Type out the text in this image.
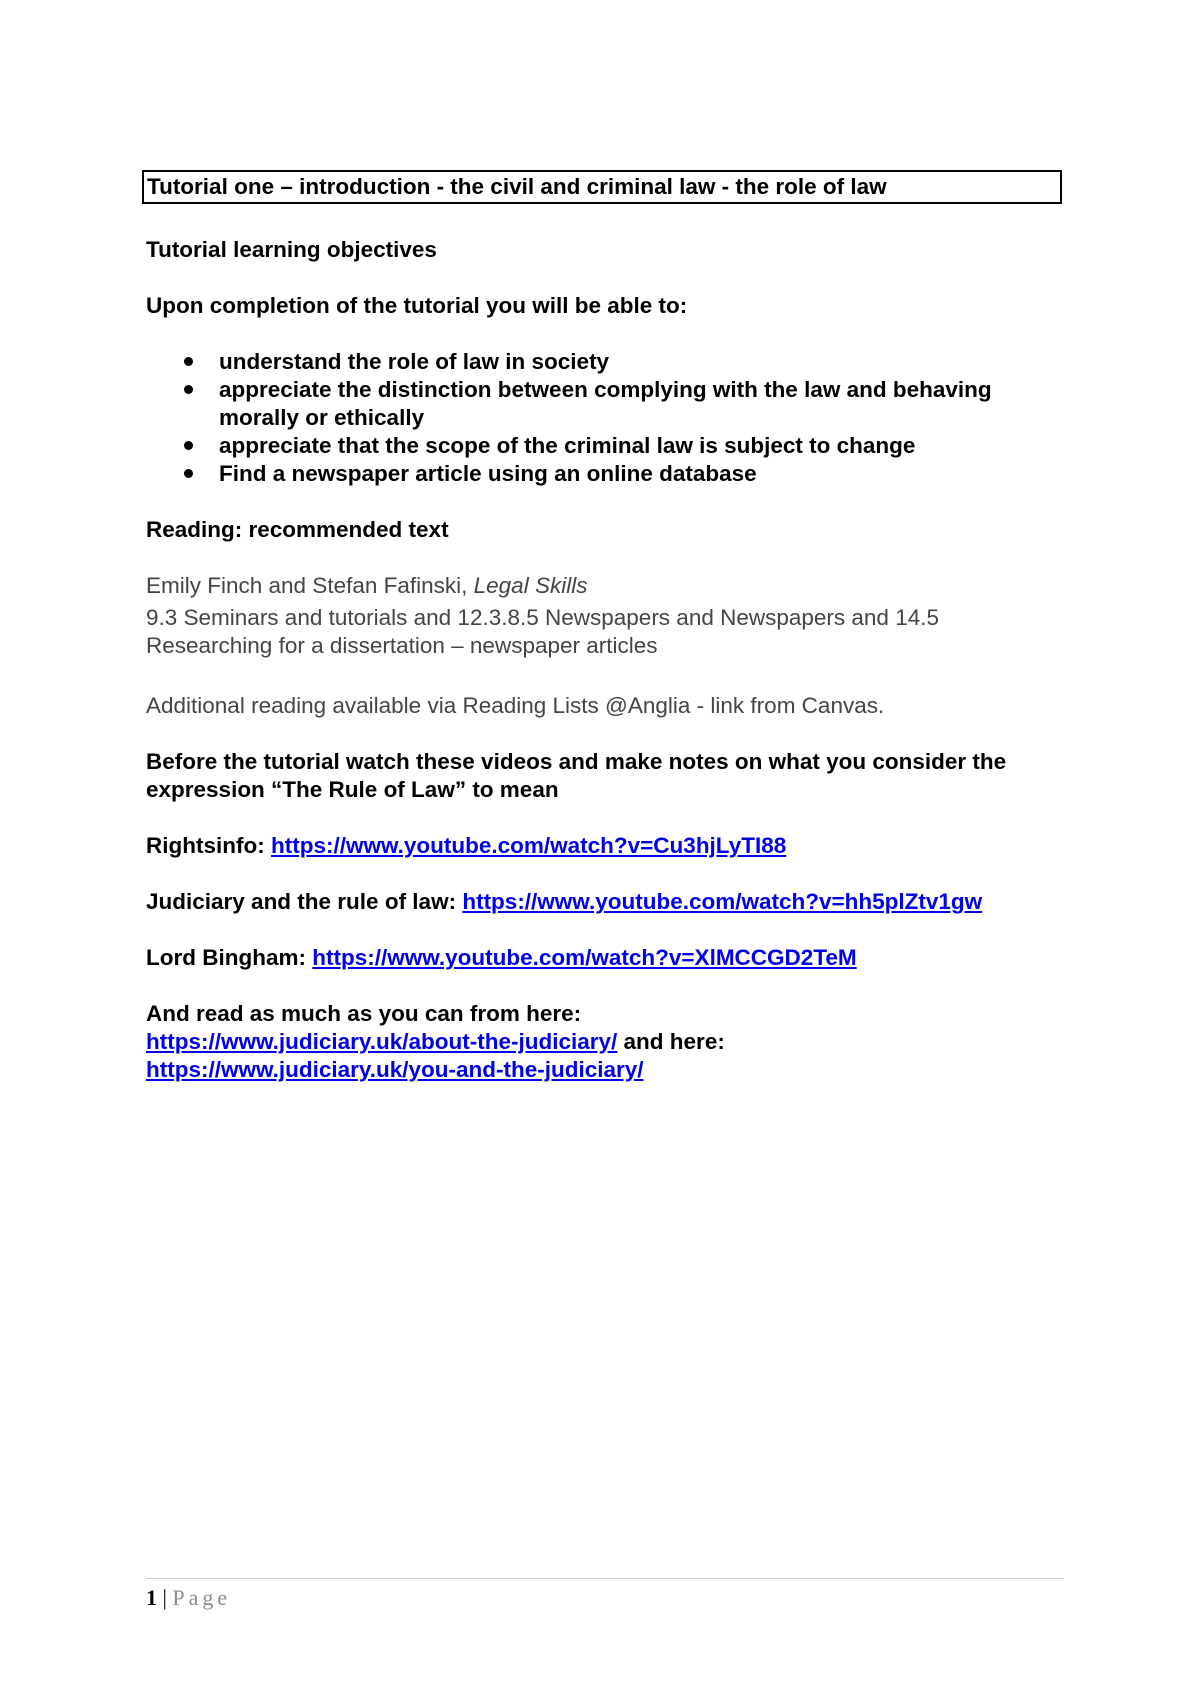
Tutorial one – introduction - the civil and criminal law - the role of law
Tutorial learning objectives
Upon completion of the tutorial you will be able to:
understand the role of law in society
appreciate the distinction between complying with the law and behaving morally or ethically
appreciate that the scope of the criminal law is subject to change
Find a newspaper article using an online database
Reading: recommended text
Emily Finch and Stefan Fafinski, Legal Skills
9.3 Seminars and tutorials and 12.3.8.5 Newspapers and Newspapers and 14.5 Researching for a dissertation – newspaper articles
Additional reading available via Reading Lists @Anglia - link from Canvas.
Before the tutorial watch these videos and make notes on what you consider the expression “The Rule of Law” to mean
Rightsinfo: https://www.youtube.com/watch?v=Cu3hjLyTI88
Judiciary and the rule of law: https://www.youtube.com/watch?v=hh5plZtv1gw
Lord Bingham: https://www.youtube.com/watch?v=XlMCCGD2TeM
And read as much as you can from here:
https://www.judiciary.uk/about-the-judiciary/ and here:
https://www.judiciary.uk/you-and-the-judiciary/
1 | Page
